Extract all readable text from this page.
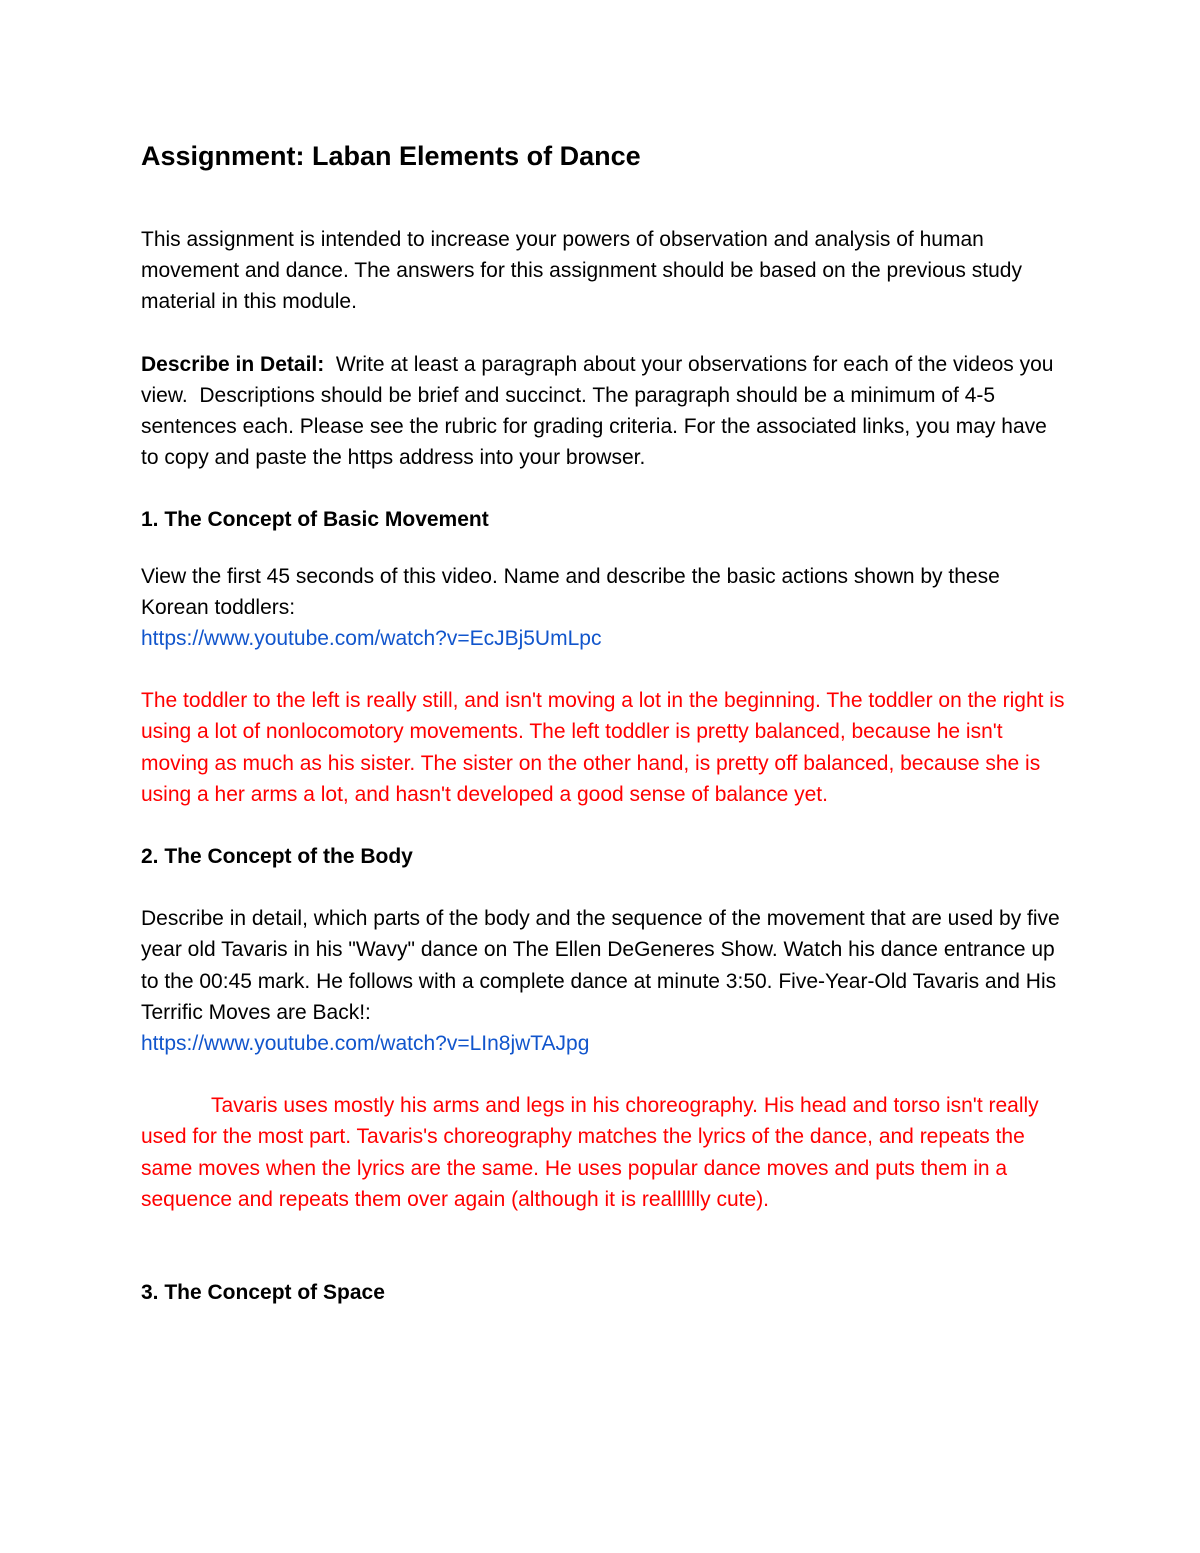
Assignment: Laban Elements of Dance

This assignment is intended to increase your powers of observation and analysis of human movement and dance. The answers for this assignment should be based on the previous study material in this module.

Describe in Detail:  Write at least a paragraph about your observations for each of the videos you view.  Descriptions should be brief and succinct. The paragraph should be a minimum of 4-5 sentences each. Please see the rubric for grading criteria. For the associated links, you may have to copy and paste the https address into your browser.

1. The Concept of Basic Movement

View the first 45 seconds of this video. Name and describe the basic actions shown by these Korean toddlers:
https://www.youtube.com/watch?v=EcJBj5UmLpc

The toddler to the left is really still, and isn't moving a lot in the beginning. The toddler on the right is using a lot of nonlocomotory movements. The left toddler is pretty balanced, because he isn't moving as much as his sister. The sister on the other hand, is pretty off balanced, because she is using a her arms a lot, and hasn't developed a good sense of balance yet.

2. The Concept of the Body

Describe in detail, which parts of the body and the sequence of the movement that are used by five year old Tavaris in his "Wavy" dance on The Ellen DeGeneres Show. Watch his dance entrance up to the 00:45 mark. He follows with a complete dance at minute 3:50. Five-Year-Old Tavaris and His Terrific Moves are Back!:
https://www.youtube.com/watch?v=LIn8jwTAJpg

Tavaris uses mostly his arms and legs in his choreography. His head and torso isn't really used for the most part. Tavaris's choreography matches the lyrics of the dance, and repeats the same moves when the lyrics are the same. He uses popular dance moves and puts them in a sequence and repeats them over again (although it is realllllly cute).

3. The Concept of Space
